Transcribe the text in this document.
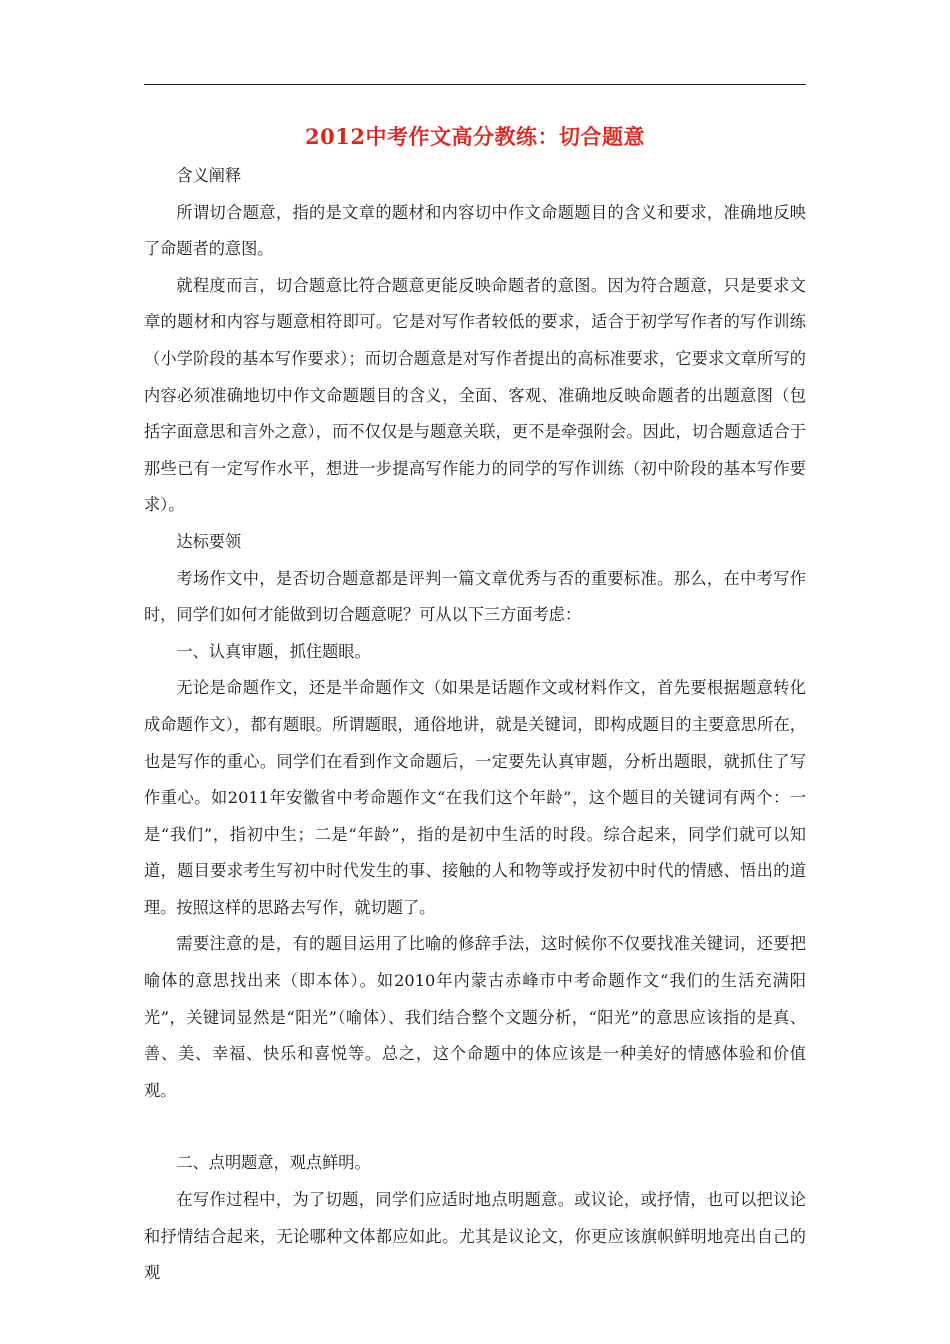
2012中考作文高分教练：切合题意

含义阐释

所谓切合题意，指的是文章的题材和内容切中作文命题题目的含义和要求，准确地反映了命题者的意图。

就程度而言，切合题意比符合题意更能反映命题者的意图。因为符合题意，只是要求文章的题材和内容与题意相符即可。它是对写作者较低的要求，适合于初学写作者的写作训练（小学阶段的基本写作要求）；而切合题意是对写作者提出的高标准要求，它要求文章所写的内容必须准确地切中作文命题题目的含义，全面、客观、准确地反映命题者的出题意图（包括字面意思和言外之意），而不仅仅是与题意关联，更不是牵强附会。因此，切合题意适合于那些已有一定写作水平，想进一步提高写作能力的同学的写作训练（初中阶段的基本写作要求）。

达标要领

考场作文中，是否切合题意都是评判一篇文章优秀与否的重要标准。那么，在中考写作时，同学们如何才能做到切合题意呢？可从以下三方面考虑：

一、认真审题，抓住题眼。

无论是命题作文，还是半命题作文（如果是话题作文或材料作文，首先要根据题意转化成命题作文），都有题眼。所谓题眼，通俗地讲，就是关键词，即构成题目的主要意思所在，也是写作的重心。同学们在看到作文命题后，一定要先认真审题，分析出题眼，就抓住了写作重心。如2011年安徽省中考命题作文“在我们这个年龄”，这个题目的关键词有两个：一是“我们”，指初中生；二是“年龄”，指的是初中生活的时段。综合起来，同学们就可以知道，题目要求考生写初中时代发生的事、接触的人和物等或抒发初中时代的情感、悟出的道理。按照这样的思路去写作，就切题了。

需要注意的是，有的题目运用了比喻的修辞手法，这时候你不仅要找准关键词，还要把喻体的意思找出来（即本体）。如2010年内蒙古赤峰市中考命题作文“我们的生活充满阳光”，关键词显然是“阳光”（喻体）、我们结合整个文题分析，“阳光”的意思应该指的是真、善、美、幸福、快乐和喜悦等。总之，这个命题中的体应该是一种美好的情感体验和价值观。

二、点明题意，观点鲜明。

在写作过程中，为了切题，同学们应适时地点明题意。或议论，或抒情，也可以把议论和抒情结合起来，无论哪种文体都应如此。尤其是议论文，你更应该旗帜鲜明地亮出自己的观
